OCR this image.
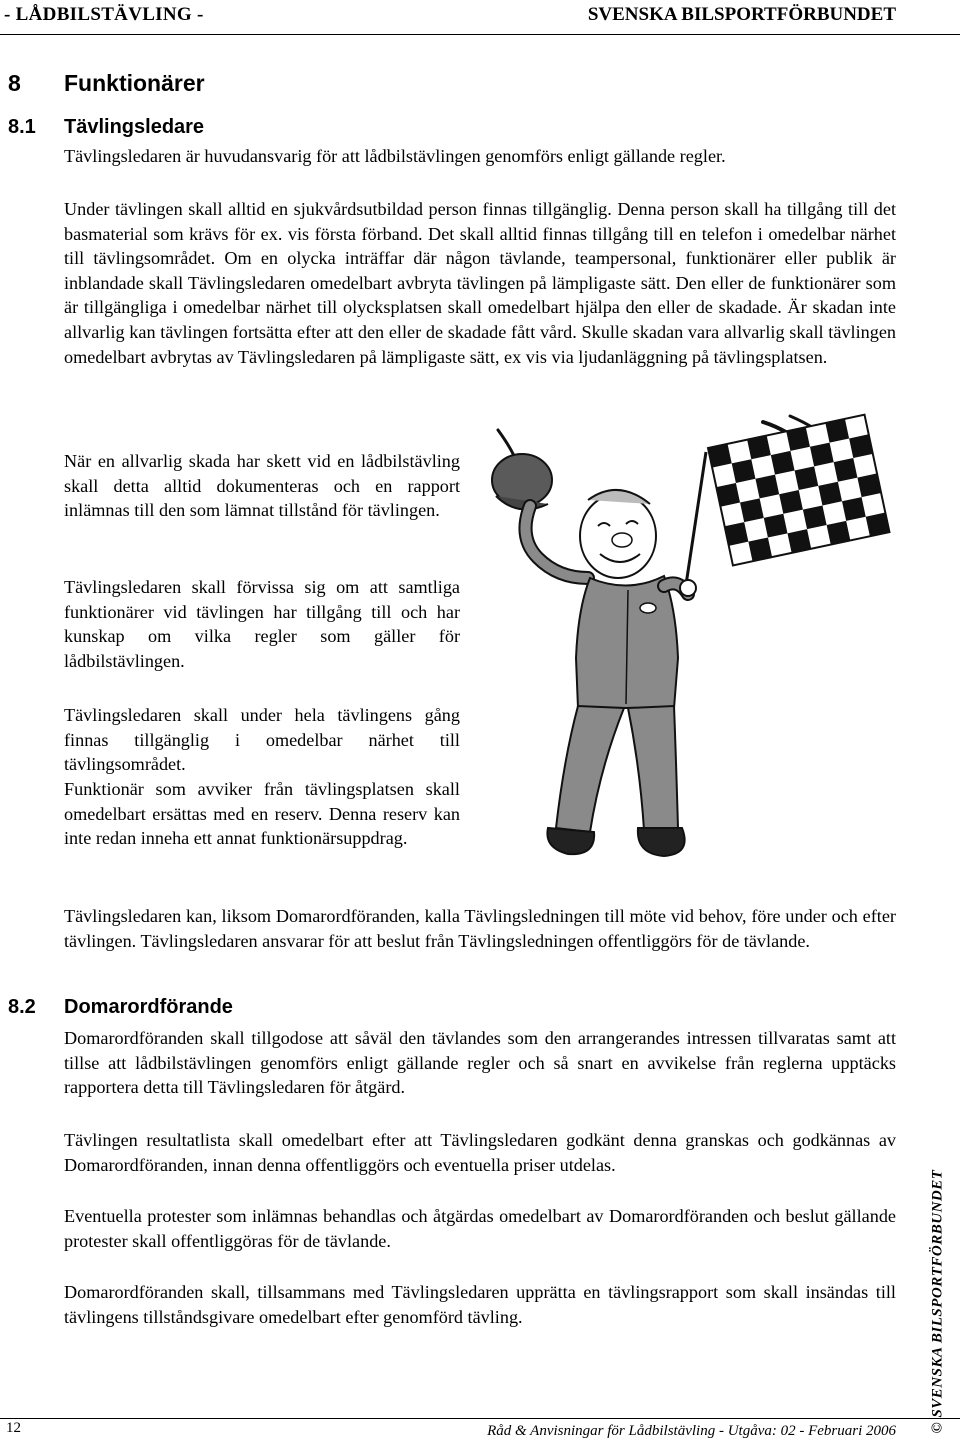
- LÅDBILSTÄVLING -	SVENSKA BILSPORTFÖRBUNDET
8 Funktionärer
8.1 Tävlingsledare

Tävlingsledaren är huvudansvarig för att lådbilstävlingen genomförs enligt gällande regler.

Under tävlingen skall alltid en sjukvårdsutbildad person finnas tillgänglig. Denna person skall ha tillgång till det basmaterial som krävs för ex. vis första förband. Det skall alltid finnas tillgång till en telefon i omedelbar närhet till tävlingsområdet. Om en olycka inträffar där någon tävlande, teampersonal, funktionärer eller publik är inblandade skall Tävlingsledaren omedelbart avbryta tävlingen på lämpligaste sätt. Den eller de funktionärer som är tillgängliga i omedelbar närhet till olycksplatsen skall omedelbart hjälpa den eller de skadade. Är skadan inte allvarlig kan tävlingen fortsätta efter att den eller de skadade fått vård. Skulle skadan vara allvarlig skall tävlingen omedelbart avbrytas av Tävlingsledaren på lämpligaste sätt, ex vis via ljudanläggning på tävlingsplatsen.

När en allvarlig skada har skett vid en lådbilstävling skall detta alltid dokumenteras och en rapport inlämnas till den som lämnat tillstånd för tävlingen.

Tävlingsledaren skall förvissa sig om att samtliga funktionärer vid tävlingen har tillgång till och har kunskap om vilka regler som gäller för lådbilstävlingen.

Tävlingsledaren skall under hela tävlingens gång finnas tillgänglig i omedelbar närhet till tävlingsområdet.

Funktionär som avviker från tävlingsplatsen skall omedelbart ersättas med en reserv. Denna reserv kan inte redan inneha ett annat funktionärsuppdrag.

Tävlingsledaren kan, liksom Domarordföranden, kalla Tävlingsledningen till möte vid behov, före under och efter tävlingen. Tävlingsledaren ansvarar för att beslut från Tävlingsledningen offentliggörs för de tävlande.

8.2 Domarordförande

Domarordföranden skall tillgodose att såväl den tävlandes som den arrangerandes intressen tillvaratas samt att tillse att lådbilstävlingen genomförs enligt gällande regler och så snart en avvikelse från reglerna upptäcks rapportera detta till Tävlingsledaren för åtgärd.

Tävlingen resultatlista skall omedelbart efter att Tävlingsledaren godkänt denna granskas och godkännas av Domarordföranden, innan denna offentliggörs och eventuella priser utdelas.

Eventuella protester som inlämnas behandlas och åtgärdas omedelbart av Domarordföranden och beslut gällande protester skall offentliggöras för de tävlande.

Domarordföranden skall, tillsammans med Tävlingsledaren upprätta en tävlingsrapport som skall insändas till tävlingens tillståndsgivare omedelbart efter genomförd tävling.	© SVENSKA BILSPORTFÖRBUNDET
12	Råd & Anvisningar för Lådbilstävling - Utgåva: 02 - Februari 2006
